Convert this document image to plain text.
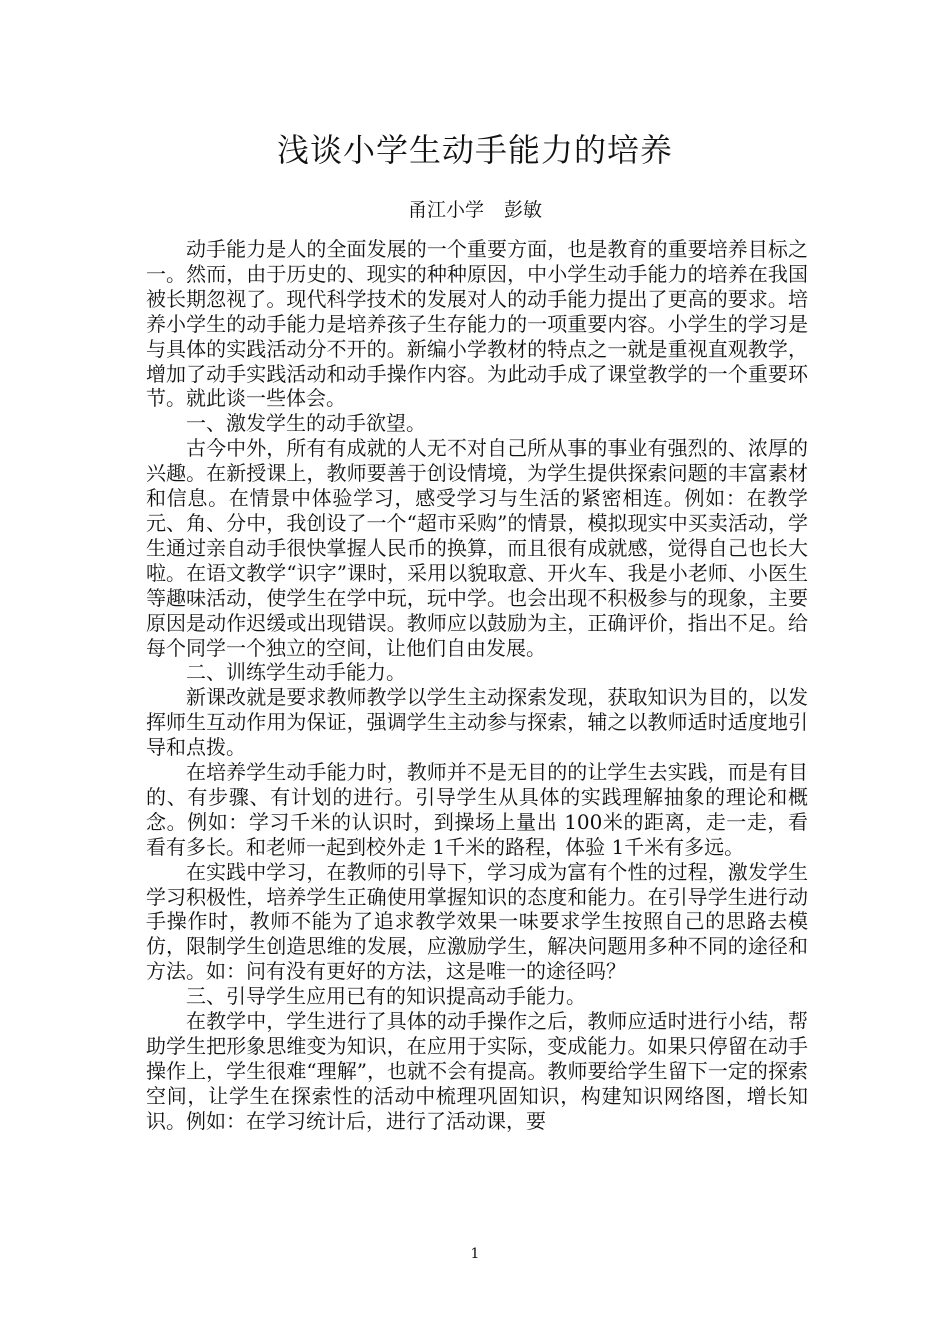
浅谈小学生动手能力的培养
甬江小学 彭敏

动手能力是人的全面发展的一个重要方面，也是教育的重要培养目标之一。然而，由于历史的、现实的种种原因，中小学生动手能力的培养在我国被长期忽视了。现代科学技术的发展对人的动手能力提出了更高的要求。培养小学生的动手能力是培养孩子生存能力的一项重要内容。小学生的学习是与具体的实践活动分不开的。新编小学教材的特点之一就是重视直观教学，增加了动手实践活动和动手操作内容。为此动手成了课堂教学的一个重要环节。就此谈一些体会。

一、激发学生的动手欲望。

古今中外，所有有成就的人无不对自己所从事的事业有强烈的、浓厚的兴趣。在新授课上，教师要善于创设情境，为学生提供探索问题的丰富素材和信息。在情景中体验学习，感受学习与生活的紧密相连。例如：在教学元、角、分中，我创设了一个“超市采购”的情景，模拟现实中买卖活动，学生通过亲自动手很快掌握人民币的换算，而且很有成就感，觉得自己也长大啦。在语文教学“识字”课时，采用以貌取意、开火车、我是小老师、小医生等趣味活动，使学生在学中玩，玩中学。也会出现不积极参与的现象，主要原因是动作迟缓或出现错误。教师应以鼓励为主，正确评价，指出不足。给每个同学一个独立的空间，让他们自由发展。

二、训练学生动手能力。

新课改就是要求教师教学以学生主动探索发现，获取知识为目的，以发挥师生互动作用为保证，强调学生主动参与探索，辅之以教师适时适度地引导和点拨。

在培养学生动手能力时，教师并不是无目的的让学生去实践，而是有目的、有步骤、有计划的进行。引导学生从具体的实践理解抽象的理论和概念。例如：学习千米的认识时，到操场上量出 100米的距离，走一走，看看有多长。和老师一起到校外走 1千米的路程，体验 1千米有多远。

在实践中学习，在教师的引导下，学习成为富有个性的过程，激发学生学习积极性，培养学生正确使用掌握知识的态度和能力。在引导学生进行动手操作时，教师不能为了追求教学效果一味要求学生按照自己的思路去模仿，限制学生创造思维的发展，应激励学生，解决问题用多种不同的途径和方法。如：问有没有更好的方法，这是唯一的途径吗？

三、引导学生应用已有的知识提高动手能力。

在教学中，学生进行了具体的动手操作之后，教师应适时进行小结，帮助学生把形象思维变为知识，在应用于实际，变成能力。如果只停留在动手操作上，学生很难“理解”，也就不会有提高。教师要给学生留下一定的探索空间，让学生在探索性的活动中梳理巩固知识，构建知识网络图，增长知识。例如：在学习统计后，进行了活动课，要

1
